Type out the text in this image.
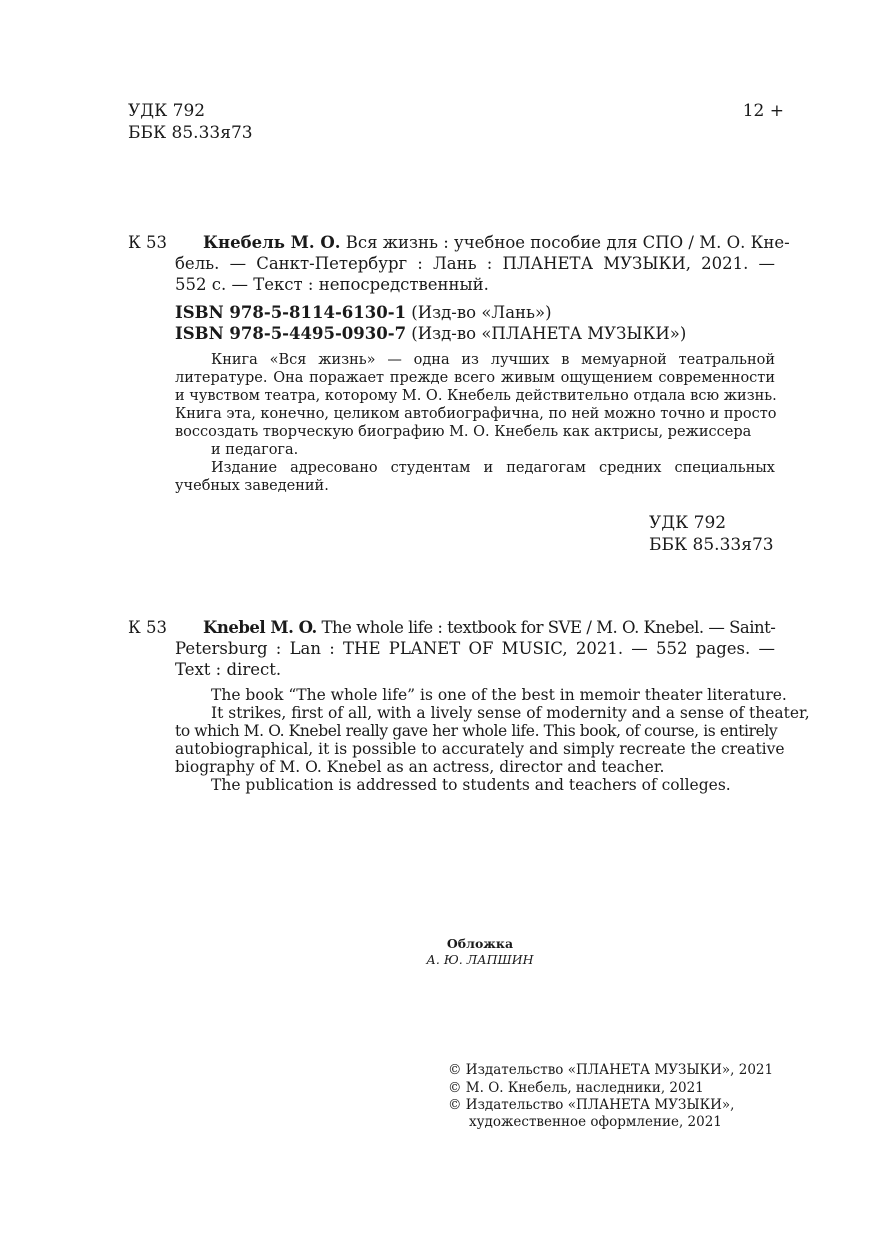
УДК 792
ББК 85.33я73
12 +
К 53 Кнебель М. О. Вся жизнь : учебное пособие для СПО / М. О. Кне-
бель. — Санкт-Петербург : Лань : ПЛАНЕТА МУЗЫКИ, 2021. —
552 с. — Текст : непосредственный.
ISBN 978-5-8114-6130-1 (Изд-во «Лань»)
ISBN 978-5-4495-0930-7 (Изд-во «ПЛАНЕТА МУЗЫКИ»)
Книга «Вся жизнь» — одна из лучших в мемуарной театральной
литературе. Она поражает прежде всего живым ощущением современности
и чувством театра, которому М. О. Кнебель действительно отдала всю жизнь.
Книга эта, конечно, целиком автобиографична, по ней можно точно и просто
воссоздать творческую биографию М. О. Кнебель как актрисы, режиссера
и педагога.
Издание адресовано студентам и педагогам средних специальных
учебных заведений.
УДК 792
ББК 85.33я73
К 53 Knebel M. O. The whole life : textbook for SVE / M. O. Knebel. — Saint-
Petersburg : Lan : THE PLANET OF MUSIC, 2021. — 552 pages. —
Text : direct.
The book “The whole life” is one of the best in memoir theater literature.
It strikes, first of all, with a lively sense of modernity and a sense of theater,
to which M. O. Knebel really gave her whole life. This book, of course, is entirely
autobiographical, it is possible to accurately and simply recreate the creative
biography of M. O. Knebel as an actress, director and teacher.
The publication is addressed to students and teachers of colleges.
Обложка
А. Ю. ЛАПШИН
© Издательство «ПЛАНЕТА МУЗЫКИ», 2021
© М. О. Кнебель, наследники, 2021
© Издательство «ПЛАНЕТА МУЗЫКИ»,
художественное оформление, 2021
